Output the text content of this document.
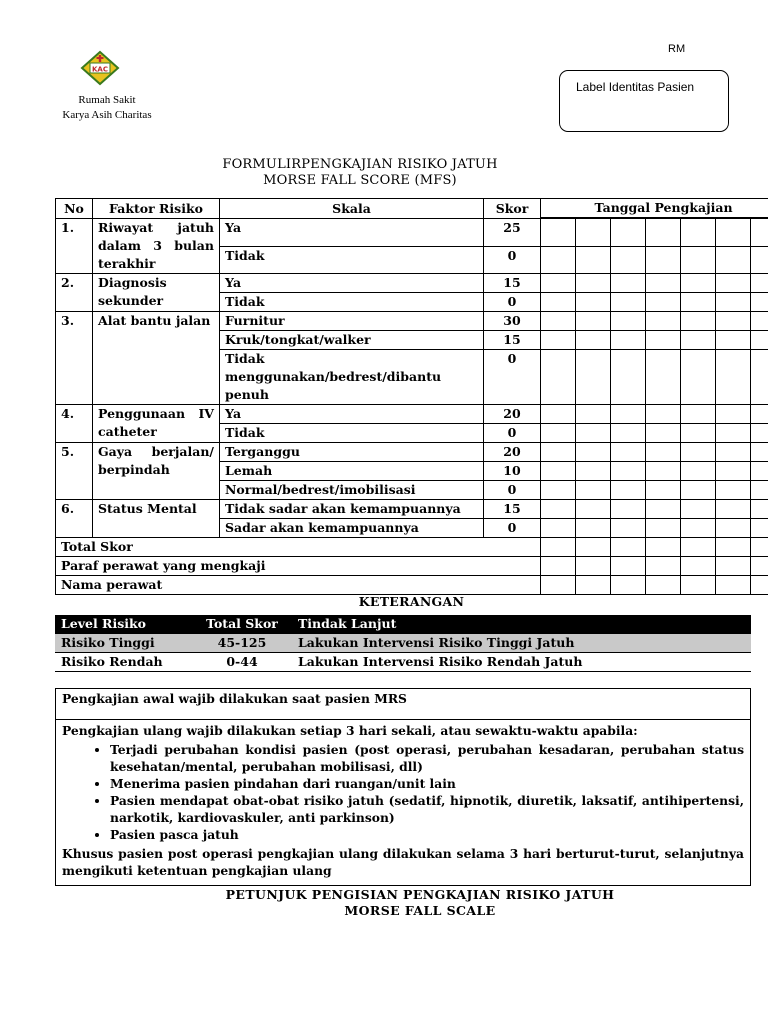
RM
KAC
Rumah Sakit
Karya Asih Charitas
Label Identitas Pasien
FORMULIRPENGKAJIAN RISIKO JATUH
MORSE FALL SCORE (MFS)
No	Faktor Risiko	Skala	Skor	Tanggal Pengkajian						

1.	Riwayat jatuh dalam 3 bulan terakhir	Ya	25							
		Tidak	0							
2.	Diagnosis sekunder	Ya	15							
		Tidak	0							
3.	Alat bantu jalan	Furnitur	30							
		Kruk/tongkat/walker	15							
		Tidak menggunakan/bedrest/dibantu penuh	0							
4.	Penggunaan IV catheter	Ya	20							
		Tidak	0							
5.	Gaya berjalan/ berpindah	Terganggu	20							
		Lemah	10							
		Normal/bedrest/imobilisasi	0							
6.	Status Mental	Tidak sadar akan kemampuannya	15							
		Sadar akan kemampuannya	0							
Total Skor										
Paraf perawat yang mengkaji										
Nama perawat										
KETERANGAN
Level Risiko	Total Skor	Tindak Lanjut
Risiko Tinggi	45-125	Lakukan Intervensi Risiko Tinggi Jatuh
Risiko Rendah	0-44	Lakukan Intervensi Risiko Rendah Jatuh
Pengkajian awal wajib dilakukan saat pasien MRS
Pengkajian ulang wajib dilakukan setiap 3 hari sekali, atau sewaktu-waktu apabila:
• Terjadi perubahan kondisi pasien (post operasi, perubahan kesadaran, perubahan status kesehatan/mental, perubahan mobilisasi, dll)
• Menerima pasien pindahan dari ruangan/unit lain
• Pasien mendapat obat-obat risiko jatuh (sedatif, hipnotik, diuretik, laksatif, antihipertensi, narkotik, kardiovaskuler, anti parkinson)
• Pasien pasca jatuh
Khusus pasien post operasi pengkajian ulang dilakukan selama 3 hari berturut-turut, selanjutnya mengikuti ketentuan pengkajian ulang
PETUNJUK PENGISIAN PENGKAJIAN RISIKO JATUH
MORSE FALL SCALE
